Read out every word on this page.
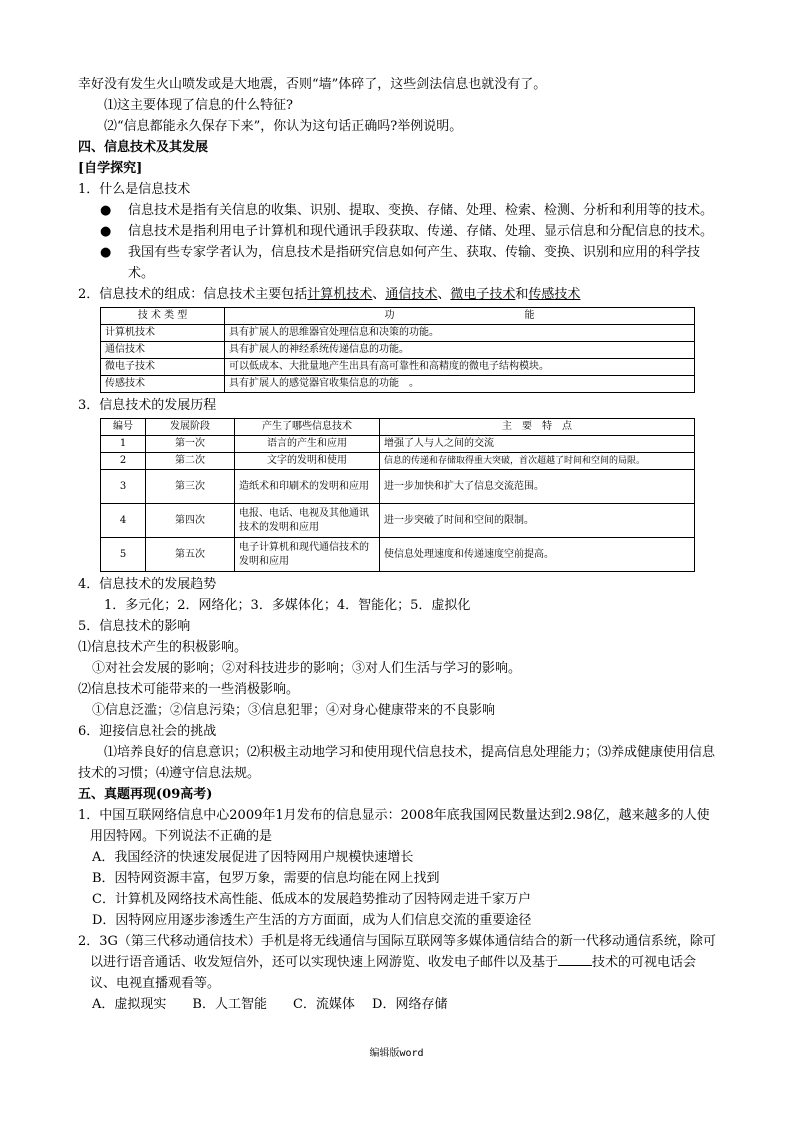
幸好没有发生火山喷发或是大地震，否则“墙”体碎了，这些剑法信息也就没有了。
⑴这主要体现了信息的什么特征?
⑵“信息都能永久保存下来”，你认为这句话正确吗?举例说明。
四、信息技术及其发展
[自学探究]
1．什么是信息技术
●	信息技术是指有关信息的收集、识别、提取、变换、存储、处理、检索、检测、分析和利用等的技术。
●	信息技术是指利用电子计算机和现代通讯手段获取、传递、存储、处理、显示信息和分配信息的技术。
●	我国有些专家学者认为，信息技术是指研究信息如何产生、获取、传输、变换、识别和应用的科学技术。
2．信息技术的组成：信息技术主要包括计算机技术、通信技术、微电子技术和传感技术
技 术 类 型	功　　　　　　　　　　　　　能
计算机技术	具有扩展人的思维器官处理信息和决策的功能。
通信技术	具有扩展人的神经系统传递信息的功能。
微电子技术	可以低成本、大批量地产生出具有高可靠性和高精度的微电子结构模块。
传感技术	具有扩展人的感觉器官收集信息的功能　。
3．信息技术的发展历程
编号	发展阶段	产生了哪些信息技术	主　要　特　点
1	第一次	语言的产生和应用	增强了人与人之间的交流
2	第二次	文字的发明和使用	信息的传递和存储取得重大突破，首次超越了时间和空间的局限。
3	第三次	造纸术和印刷术的发明和应用	进一步加快和扩大了信息交流范围。
4	第四次	电报、电话、电视及其他通讯技术的发明和应用	进一步突破了时间和空间的限制。
5	第五次	电子计算机和现代通信技术的发明和应用	使信息处理速度和传递速度空前提高。
4．信息技术的发展趋势
1．多元化；2．网络化；3．多媒体化；4．智能化；5．虚拟化
5．信息技术的影响
⑴信息技术产生的积极影响。
①对社会发展的影响；②对科技进步的影响；③对人们生活与学习的影响。
⑵信息技术可能带来的一些消极影响。
①信息泛滥；②信息污染；③信息犯罪；④对身心健康带来的不良影响
6．迎接信息社会的挑战
⑴培养良好的信息意识；⑵积极主动地学习和使用现代信息技术，提高信息处理能力；⑶养成健康使用信息技术的习惯；⑷遵守信息法规。
五、真题再现(09高考)
1．中国互联网络信息中心2009年1月发布的信息显示：2008年底我国网民数量达到2.98亿，越来越多的人使用因特网。下列说法不正确的是
A．我国经济的快速发展促进了因特网用户规模快速增长
B．因特网资源丰富，包罗万象，需要的信息均能在网上找到
C．计算机及网络技术高性能、低成本的发展趋势推动了因特网走进千家万户
D．因特网应用逐步渗透生产生活的方方面面，成为人们信息交流的重要途径
2．3G（第三代移动通信技术）手机是将无线通信与国际互联网等多媒体通信结合的新一代移动通信系统，除可以进行语音通话、收发短信外，还可以实现快速上网游览、收发电子邮件以及基于	技术的可视电话会议、电视直播观看等。
A．虚拟现实　　B．人工智能　　C．流媒体　 D．网络存储
编辑版word
